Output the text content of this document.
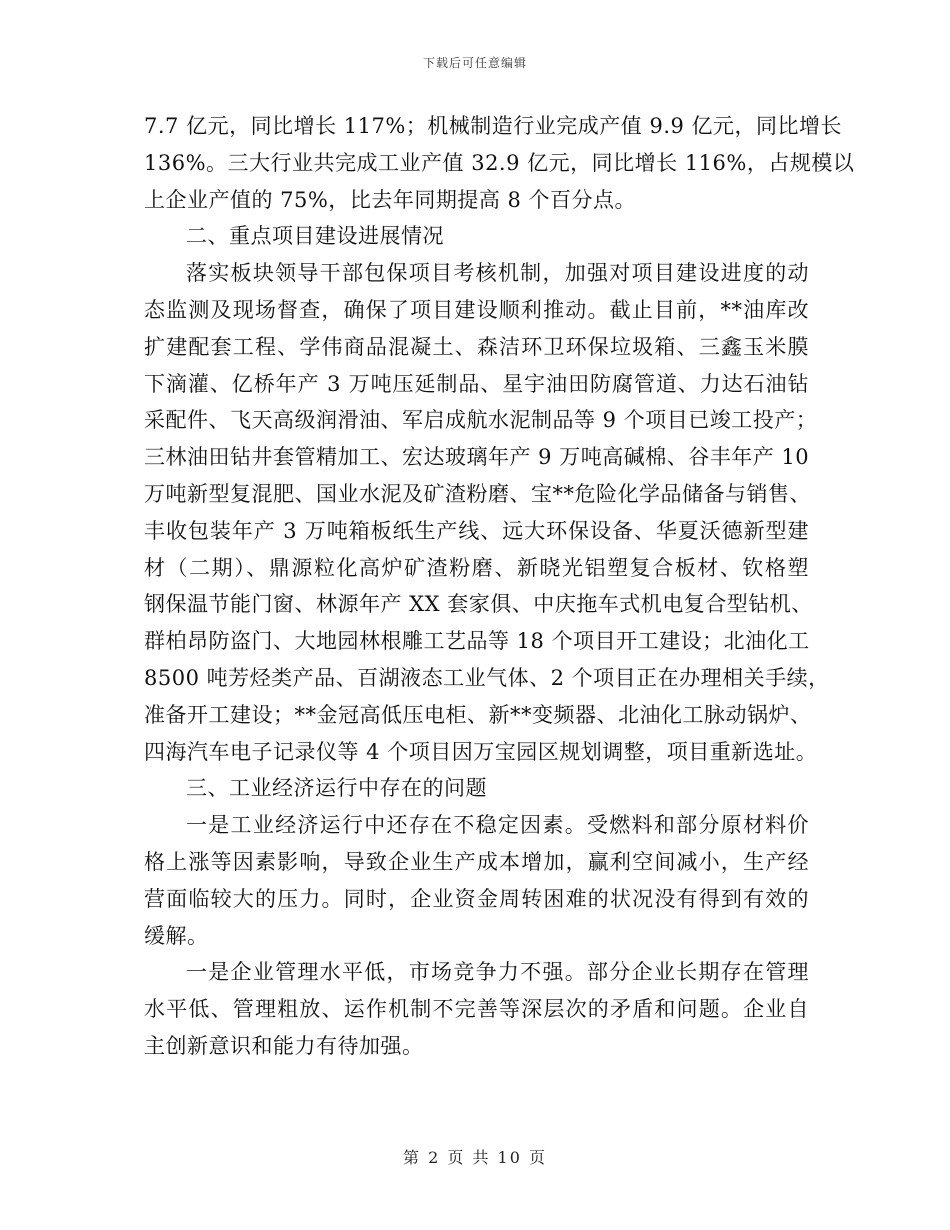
下载后可任意编辑
7.7 亿元，同比增长 117%；机械制造行业完成产值 9.9 亿元，同比增长
136%。三大行业共完成工业产值 32.9 亿元，同比增长 116%，占规模以
上企业产值的 75%，比去年同期提高 8 个百分点。
二、重点项目建设进展情况
落实板块领导干部包保项目考核机制，加强对项目建设进度的动
态监测及现场督查，确保了项目建设顺利推动。截止目前，**油库改
扩建配套工程、学伟商品混凝土、森洁环卫环保垃圾箱、三鑫玉米膜
下滴灌、亿桥年产 3 万吨压延制品、星宇油田防腐管道、力达石油钻
采配件、飞天高级润滑油、军启成航水泥制品等 9 个项目已竣工投产；
三林油田钻井套管精加工、宏达玻璃年产 9 万吨高碱棉、谷丰年产 10
万吨新型复混肥、国业水泥及矿渣粉磨、宝**危险化学品储备与销售、
丰收包装年产 3 万吨箱板纸生产线、远大环保设备、华夏沃德新型建
材（二期）、鼎源粒化高炉矿渣粉磨、新晓光铝塑复合板材、钦格塑
钢保温节能门窗、林源年产 XX 套家俱、中庆拖车式机电复合型钻机、
群柏昂防盗门、大地园林根雕工艺品等 18 个项目开工建设；北油化工
8500 吨芳烃类产品、百湖液态工业气体、2 个项目正在办理相关手续，
准备开工建设；**金冠高低压电柜、新**变频器、北油化工脉动锅炉、
四海汽车电子记录仪等 4 个项目因万宝园区规划调整，项目重新选址。
三、工业经济运行中存在的问题
一是工业经济运行中还存在不稳定因素。受燃料和部分原材料价
格上涨等因素影响，导致企业生产成本增加，赢利空间减小，生产经
营面临较大的压力。同时，企业资金周转困难的状况没有得到有效的
缓解。
一是企业管理水平低，市场竞争力不强。部分企业长期存在管理
水平低、管理粗放、运作机制不完善等深层次的矛盾和问题。企业自
主创新意识和能力有待加强。
第 2 页 共 10 页
